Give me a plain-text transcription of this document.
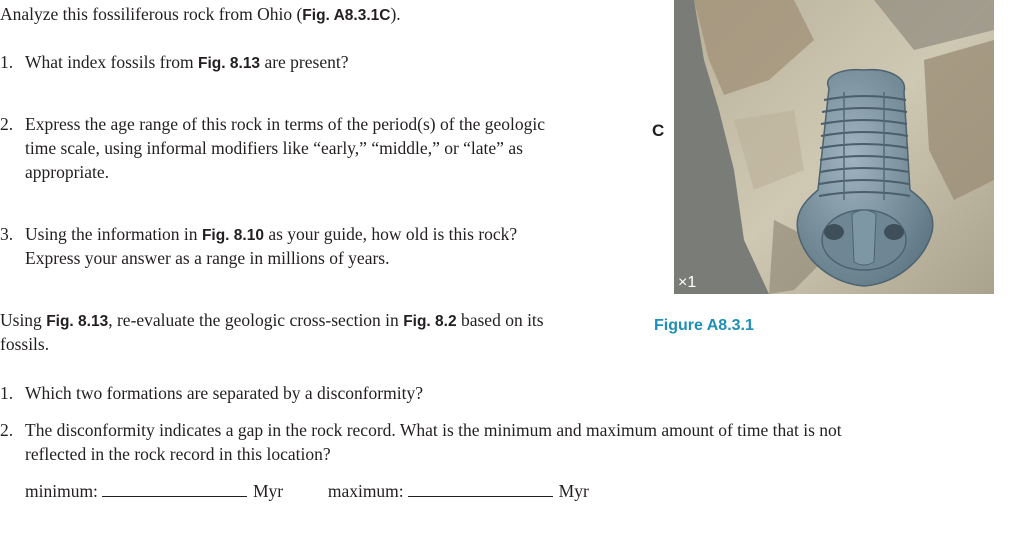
Analyze this fossiliferous rock from Ohio (Fig. A8.3.1C).

1. What index fossils from Fig. 8.13 are present?

2. Express the age range of this rock in terms of the period(s) of the geologic

time scale, using informal modifiers like “early,” “middle,” or “late” as

appropriate.

3. Using the information in Fig. 8.10 as your guide, how old is this rock?

Express your answer as a range in millions of years.

Using Fig. 8.13, re-evaluate the geologic cross-section in Fig. 8.2 based on its

fossils.

1. Which two formations are separated by a disconformity?

2. The disconformity indicates a gap in the rock record. What is the minimum and maximum amount of time that is not

reflected in the rock record in this location?

minimum:	Myr	maximum:	Myr
C
×1
Figure A8.3.1
